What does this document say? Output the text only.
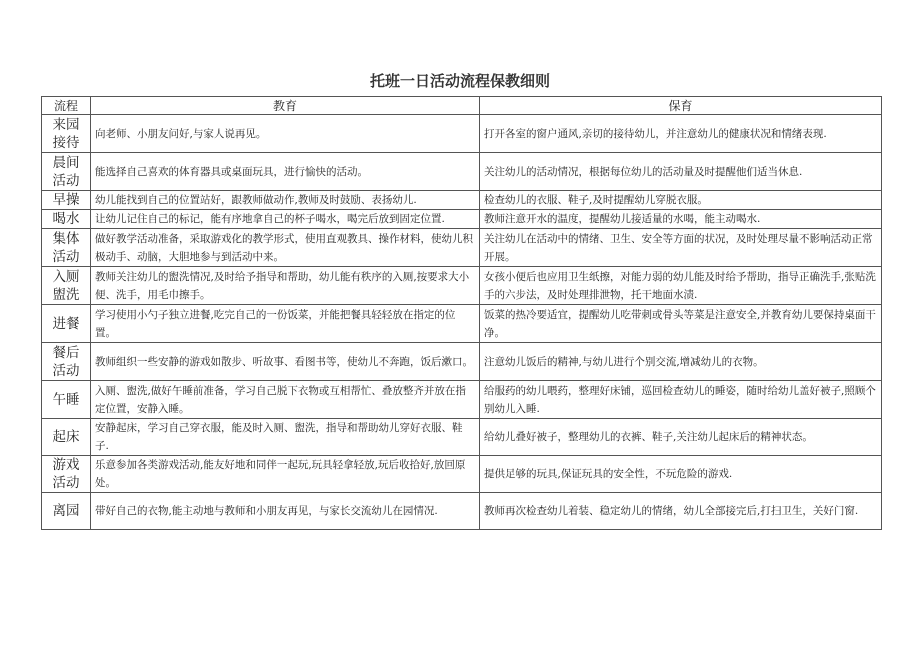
托班一日活动流程保教细则
流程	教育	保育
来园
接待	向老师、小朋友问好,与家人说再见。	打开各室的窗户通风,亲切的接待幼儿，并注意幼儿的健康状况和情绪表现.
晨间
活动	能选择自己喜欢的体育器具或桌面玩具，进行愉快的活动。	关注幼儿的活动情况，根据每位幼儿的活动量及时提醒他们适当休息.
早操	幼儿能找到自己的位置站好，跟教师做动作,教师及时鼓励、表扬幼儿.	检查幼儿的衣服、鞋子,及时提醒幼儿穿脱衣服。
喝水	让幼儿记住自己的标记，能有序地拿自己的杯子喝水，喝完后放到固定位置.	教师注意开水的温度，提醒幼儿接适量的水喝，能主动喝水.
集体
活动	做好教学活动准备，采取游戏化的教学形式，使用直观教具、操作材料，使幼儿积极动手、动脑，大胆地参与到活动中来。	关注幼儿在活动中的情绪、卫生、安全等方面的状况，及时处理尽量不影响活动正常开展。
入厕
盥洗	教师关注幼儿的盥洗情况,及时给予指导和帮助，幼儿能有秩序的入厕,按要求大小便、洗手，用毛巾擦手。	女孩小便后也应用卫生纸擦，对能力弱的幼儿能及时给予帮助，指导正确洗手,张贴洗手的六步法，及时处理排泄物，托干地面水渍.
进餐	学习使用小勺子独立进餐,吃完自己的一份饭菜，并能把餐具轻轻放在指定的位置。	饭菜的热冷要适宜，提醒幼儿吃带刺或骨头等菜是注意安全,并教育幼儿要保持桌面干净。
餐后
活动	教师组织一些安静的游戏如散步、听故事、看图书等，使幼儿不奔跑，饭后漱口。	注意幼儿饭后的精神,与幼儿进行个别交流,增减幼儿的衣物。
午睡	入厕、盥洗,做好午睡前准备，学习自己脱下衣物或互相帮忙、叠放整齐并放在指定位置，安静入睡。	给服药的幼儿喂药，整理好床铺，巡回检查幼儿的睡姿，随时给幼儿盖好被子,照顾个别幼儿入睡.
起床	安静起床，学习自己穿衣服，能及时入厕、盥洗，指导和帮助幼儿穿好衣服、鞋子.	给幼儿叠好被子，整理幼儿的衣裤、鞋子,关注幼儿起床后的精神状态。
游戏
活动	乐意参加各类游戏活动,能友好地和同伴一起玩,玩具轻拿轻放,玩后收拾好,放回原处。	提供足够的玩具,保证玩具的安全性，不玩危险的游戏.
离园	带好自己的衣物,能主动地与教师和小朋友再见，与家长交流幼儿在园情况.	教师再次检查幼儿着装、稳定幼儿的情绪，幼儿全部接完后,打扫卫生，关好门窗.
